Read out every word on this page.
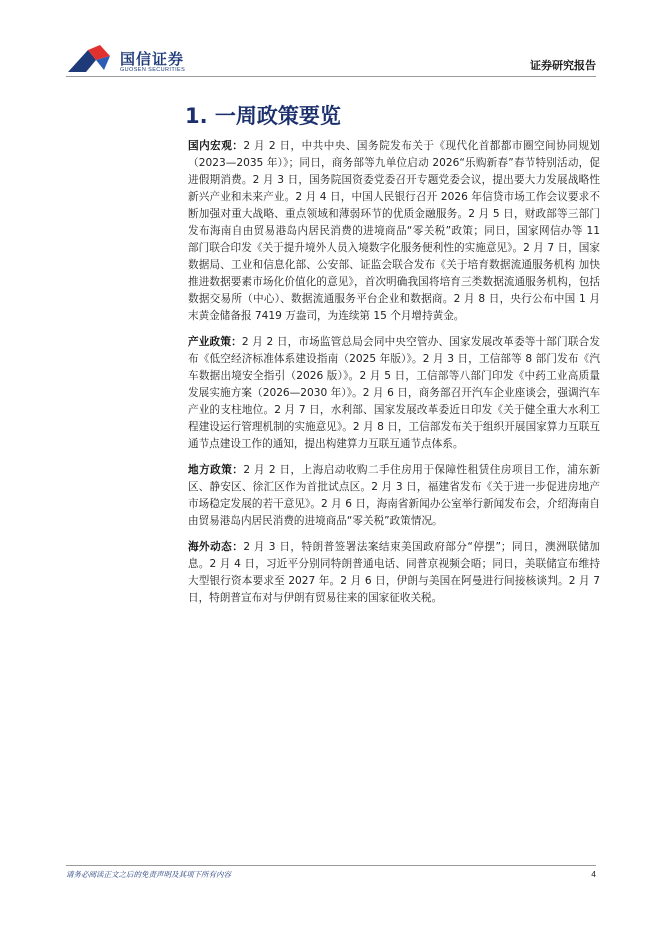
国信证券
GUOSEN SECURITIES	证券研究报告
1. 一周政策要览

国内宏观：2 月 2 日，中共中央、国务院发布关于《现代化首都都市圈空间协同规划（2023—2035 年）》；同日，商务部等九单位启动 2026“乐购新春”春节特别活动，促进假期消费。2 月 3 日，国务院国资委党委召开专题党委会议，提出要大力发展战略性新兴产业和未来产业。2 月 4 日，中国人民银行召开 2026 年信贷市场工作会议要求不断加强对重大战略、重点领域和薄弱环节的优质金融服务。2 月 5 日，财政部等三部门发布海南自由贸易港岛内居民消费的进境商品“零关税”政策；同日，国家网信办等 11 部门联合印发《关于提升境外人员入境数字化服务便利性的实施意见》。2 月 7 日，国家数据局、工业和信息化部、公安部、证监会联合发布《关于培育数据流通服务机构 加快推进数据要素市场化价值化的意见》，首次明确我国将培育三类数据流通服务机构，包括数据交易所（中心）、数据流通服务平台企业和数据商。2 月 8 日，央行公布中国 1 月末黄金储备报 7419 万盎司，为连续第 15 个月增持黄金。

产业政策：2 月 2 日，市场监管总局会同中央空管办、国家发展改革委等十部门联合发布《低空经济标准体系建设指南（2025 年版）》。2 月 3 日，工信部等 8 部门发布《汽车数据出境安全指引（2026 版）》。2 月 5 日，工信部等八部门印发《中药工业高质量发展实施方案（2026—2030 年）》。2 月 6 日，商务部召开汽车企业座谈会，强调汽车产业的支柱地位。2 月 7 日，水利部、国家发展改革委近日印发《关于健全重大水利工程建设运行管理机制的实施意见》。2 月 8 日，工信部发布关于组织开展国家算力互联互通节点建设工作的通知，提出构建算力互联互通节点体系。

地方政策：2 月 2 日，上海启动收购二手住房用于保障性租赁住房项目工作，浦东新区、静安区、徐汇区作为首批试点区。2 月 3 日，福建省发布《关于进一步促进房地产市场稳定发展的若干意见》。2 月 6 日，海南省新闻办公室举行新闻发布会，介绍海南自由贸易港岛内居民消费的进境商品“零关税”政策情况。

海外动态：2 月 3 日，特朗普签署法案结束美国政府部分“停摆”；同日，澳洲联储加息。2 月 4 日，习近平分别同特朗普通电话、同普京视频会晤；同日，美联储宣布维持大型银行资本要求至 2027 年。2 月 6 日，伊朗与美国在阿曼进行间接核谈判。2 月 7 日，特朗普宣布对与伊朗有贸易往来的国家征收关税。

请务必阅读正文之后的免责声明及其项下所有内容	4
